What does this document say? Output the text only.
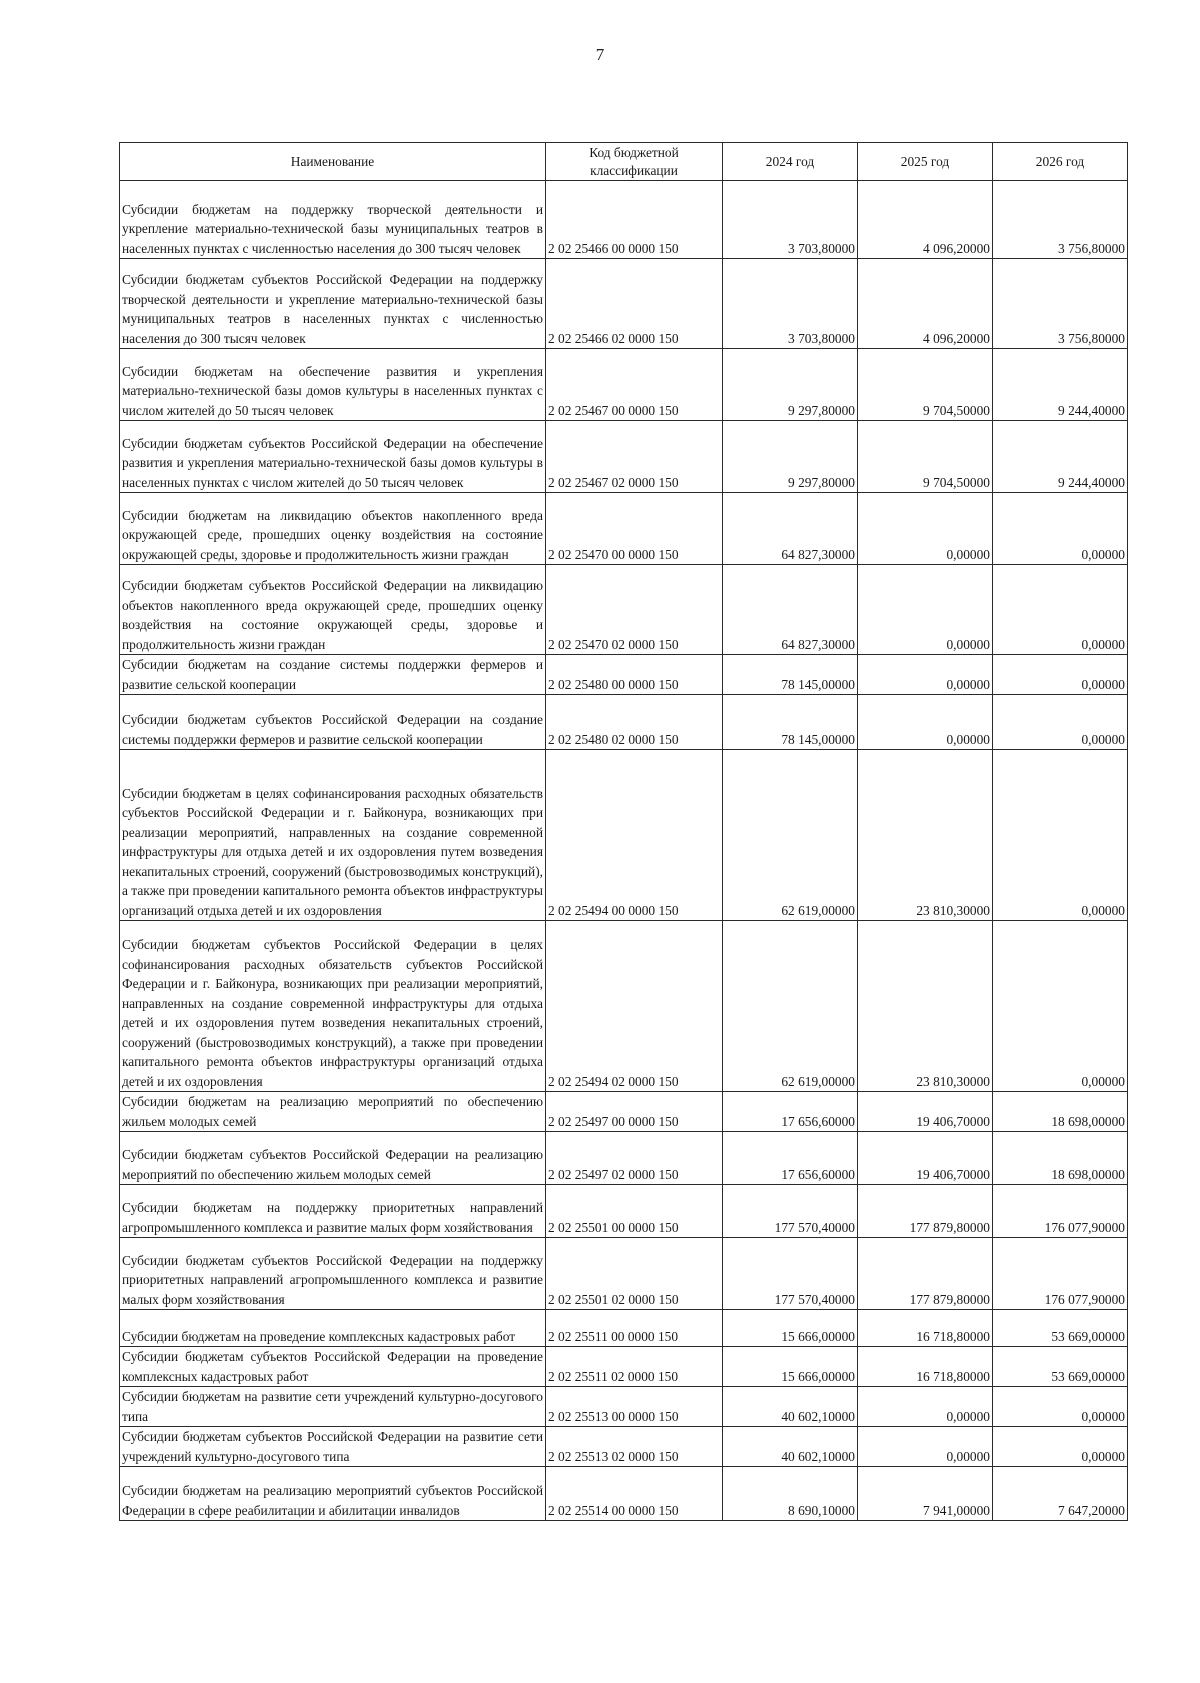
7
Наименование	Код бюджетной классификации	2024 год	2025 год	2026 год
Субсидии бюджетам на поддержку творческой деятельности и укрепление материально-технической базы муниципальных театров в населенных пунктах с численностью населения до 300 тысяч человек	2 02 25466 00 0000 150	3 703,80000	4 096,20000	3 756,80000
Субсидии бюджетам субъектов Российской Федерации на поддержку творческой деятельности и укрепление материально-технической базы муниципальных театров в населенных пунктах с численностью населения до 300 тысяч человек	2 02 25466 02 0000 150	3 703,80000	4 096,20000	3 756,80000
Субсидии бюджетам на обеспечение развития и укрепления материально-технической базы домов культуры в населенных пунктах с числом жителей до 50 тысяч человек	2 02 25467 00 0000 150	9 297,80000	9 704,50000	9 244,40000
Субсидии бюджетам субъектов Российской Федерации на обеспечение развития и укрепления материально-технической базы домов культуры в населенных пунктах с числом жителей до 50 тысяч человек	2 02 25467 02 0000 150	9 297,80000	9 704,50000	9 244,40000
Субсидии бюджетам на ликвидацию объектов накопленного вреда окружающей среде, прошедших оценку воздействия на состояние окружающей среды, здоровье и продолжительность жизни граждан	2 02 25470 00 0000 150	64 827,30000	0,00000	0,00000
Субсидии бюджетам субъектов Российской Федерации на ликвидацию объектов накопленного вреда окружающей среде, прошедших оценку воздействия на состояние окружающей среды, здоровье и продолжительность жизни граждан	2 02 25470 02 0000 150	64 827,30000	0,00000	0,00000
Субсидии бюджетам на создание системы поддержки фермеров и развитие сельской кооперации	2 02 25480 00 0000 150	78 145,00000	0,00000	0,00000
Субсидии бюджетам субъектов Российской Федерации на создание системы поддержки фермеров и развитие сельской кооперации	2 02 25480 02 0000 150	78 145,00000	0,00000	0,00000
Субсидии бюджетам в целях софинансирования расходных обязательств субъектов Российской Федерации и г. Байконура, возникающих при реализации мероприятий, направленных на создание современной инфраструктуры для отдыха детей и их оздоровления путем возведения некапитальных строений, сооружений (быстровозводимых конструкций), а также при проведении капитального ремонта объектов инфраструктуры организаций отдыха детей и их оздоровления	2 02 25494 00 0000 150	62 619,00000	23 810,30000	0,00000
Субсидии бюджетам субъектов Российской Федерации в целях софинансирования расходных обязательств субъектов Российской Федерации и г. Байконура, возникающих при реализации мероприятий, направленных на создание современной инфраструктуры для отдыха детей и их оздоровления путем возведения некапитальных строений, сооружений (быстровозводимых конструкций), а также при проведении капитального ремонта объектов инфраструктуры организаций отдыха детей и их оздоровления	2 02 25494 02 0000 150	62 619,00000	23 810,30000	0,00000
Субсидии бюджетам на реализацию мероприятий по обеспечению жильем молодых семей	2 02 25497 00 0000 150	17 656,60000	19 406,70000	18 698,00000
Субсидии бюджетам субъектов Российской Федерации на реализацию мероприятий по обеспечению жильем молодых семей	2 02 25497 02 0000 150	17 656,60000	19 406,70000	18 698,00000
Субсидии бюджетам на поддержку приоритетных направлений агропромышленного комплекса и развитие малых форм хозяйствования	2 02 25501 00 0000 150	177 570,40000	177 879,80000	176 077,90000
Субсидии бюджетам субъектов Российской Федерации на поддержку приоритетных направлений агропромышленного комплекса и развитие малых форм хозяйствования	2 02 25501 02 0000 150	177 570,40000	177 879,80000	176 077,90000
Субсидии бюджетам на проведение комплексных кадастровых работ	2 02 25511 00 0000 150	15 666,00000	16 718,80000	53 669,00000
Субсидии бюджетам субъектов Российской Федерации на проведение комплексных кадастровых работ	2 02 25511 02 0000 150	15 666,00000	16 718,80000	53 669,00000
Субсидии бюджетам на развитие сети учреждений культурно-досугового типа	2 02 25513 00 0000 150	40 602,10000	0,00000	0,00000
Субсидии бюджетам субъектов Российской Федерации на развитие сети учреждений культурно-досугового типа	2 02 25513 02 0000 150	40 602,10000	0,00000	0,00000
Субсидии бюджетам на реализацию мероприятий субъектов Российской Федерации в сфере реабилитации и абилитации инвалидов	2 02 25514 00 0000 150	8 690,10000	7 941,00000	7 647,20000
